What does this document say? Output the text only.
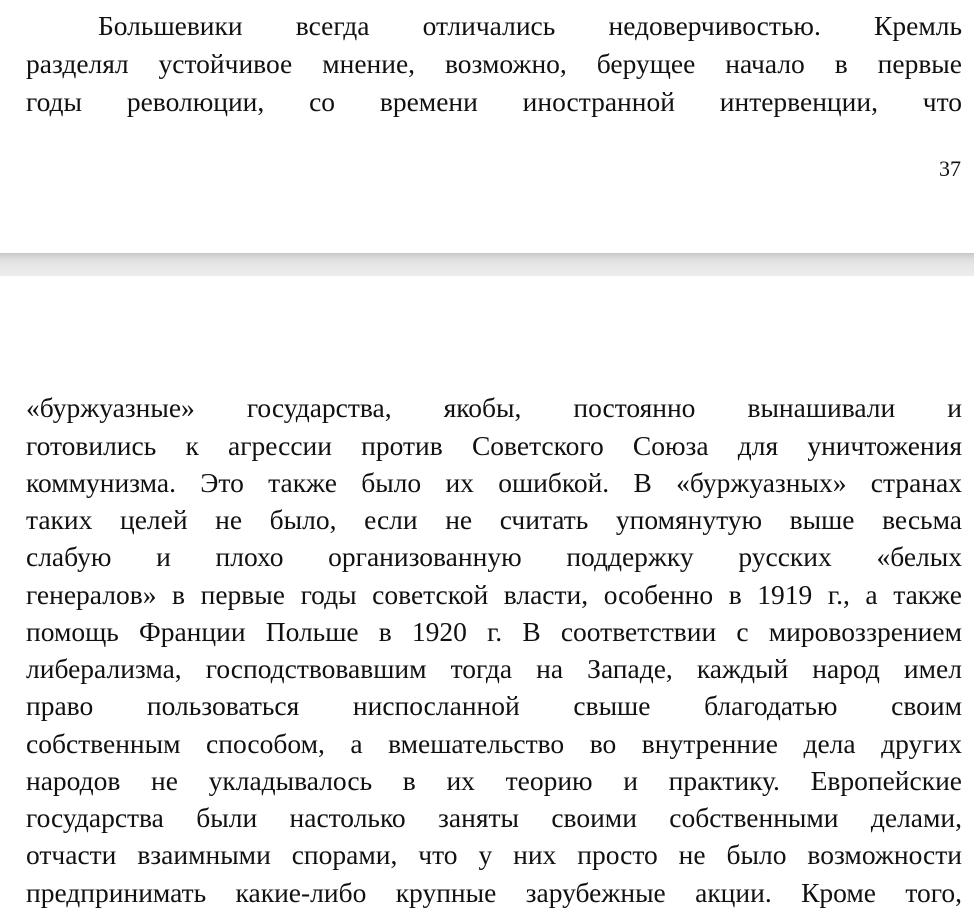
Большевики всегда отличались недоверчивостью. Кремль
разделял устойчивое мнение, возможно, берущее начало в первые
годы революции, со времени иностранной интервенции, что
37
«буржуазные» государства, якобы, постоянно вынашивали и
готовились к агрессии против Советского Союза для уничтожения
коммунизма. Это также было их ошибкой. В «буржуазных» странах
таких целей не было, если не считать упомянутую выше весьма
слабую и плохо организованную поддержку русских «белых
генералов» в первые годы советской власти, особенно в 1919 г., а также
помощь Франции Польше в 1920 г. В соответствии с мировоззрением
либерализма, господствовавшим тогда на Западе, каждый народ имел
право пользоваться ниспосланной свыше благодатью своим
собственным способом, а вмешательство во внутренние дела других
народов не укладывалось в их теорию и практику. Европейские
государства были настолько заняты своими собственными делами,
отчасти взаимными спорами, что у них просто не было возможности
предпринимать какие-либо крупные зарубежные акции. Кроме того,
